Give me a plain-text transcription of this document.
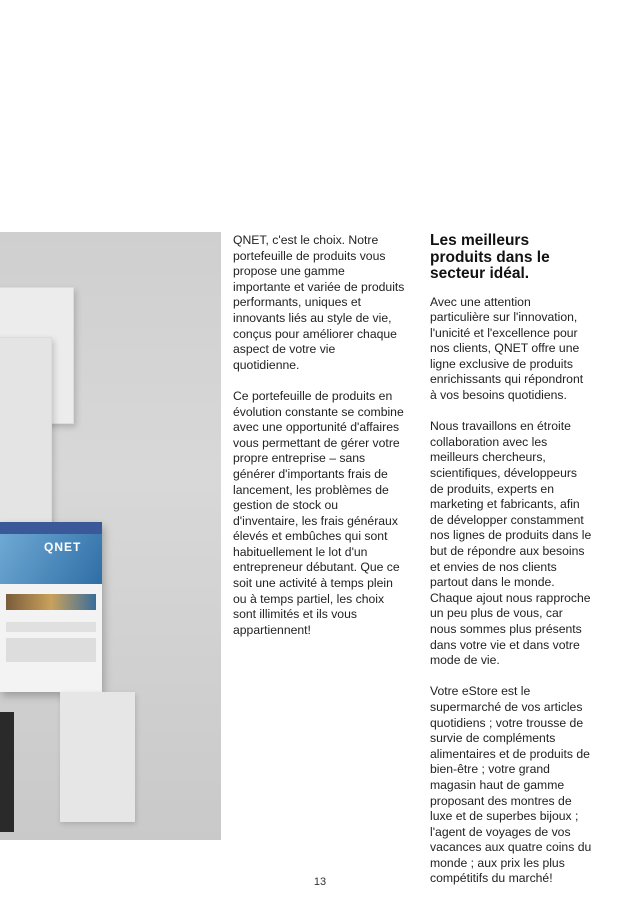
QNET

QNET, c'est le choix. Notre portefeuille de produits vous propose une gamme importante et variée de produits performants, uniques et innovants liés au style de vie, conçus pour améliorer chaque aspect de votre vie quotidienne.

Ce portefeuille de produits en évolution constante se combine avec une opportunité d'affaires vous permettant de gérer votre propre entreprise – sans générer d'importants frais de lancement, les problèmes de gestion de stock ou d'inventaire, les frais généraux élevés et embûches qui sont habituellement le lot d'un entrepreneur débutant. Que ce soit une activité à temps plein ou à temps partiel, les choix sont illimités et ils vous appartiennent!

Les meilleurs produits dans le secteur idéal.

Avec une attention particulière sur l'innovation, l'unicité et l'excellence pour nos clients, QNET offre une ligne exclusive de produits enrichissants qui répondront à vos besoins quotidiens.

Nous travaillons en étroite collaboration avec les meilleurs chercheurs, scientifiques, développeurs de produits, experts en marketing et fabricants, afin de développer constamment nos lignes de produits dans le but de répondre aux besoins et envies de nos clients partout dans le monde. Chaque ajout nous rapproche un peu plus de vous, car nous sommes plus présents dans votre vie et dans votre mode de vie.

Votre eStore est le supermarché de vos articles quotidiens ; votre trousse de survie de compléments alimentaires et de produits de bien-être ; votre grand magasin haut de gamme proposant des montres de luxe et de superbes bijoux ; l'agent de voyages de vos vacances aux quatre coins du monde ; aux prix les plus compétitifs du marché!

13
